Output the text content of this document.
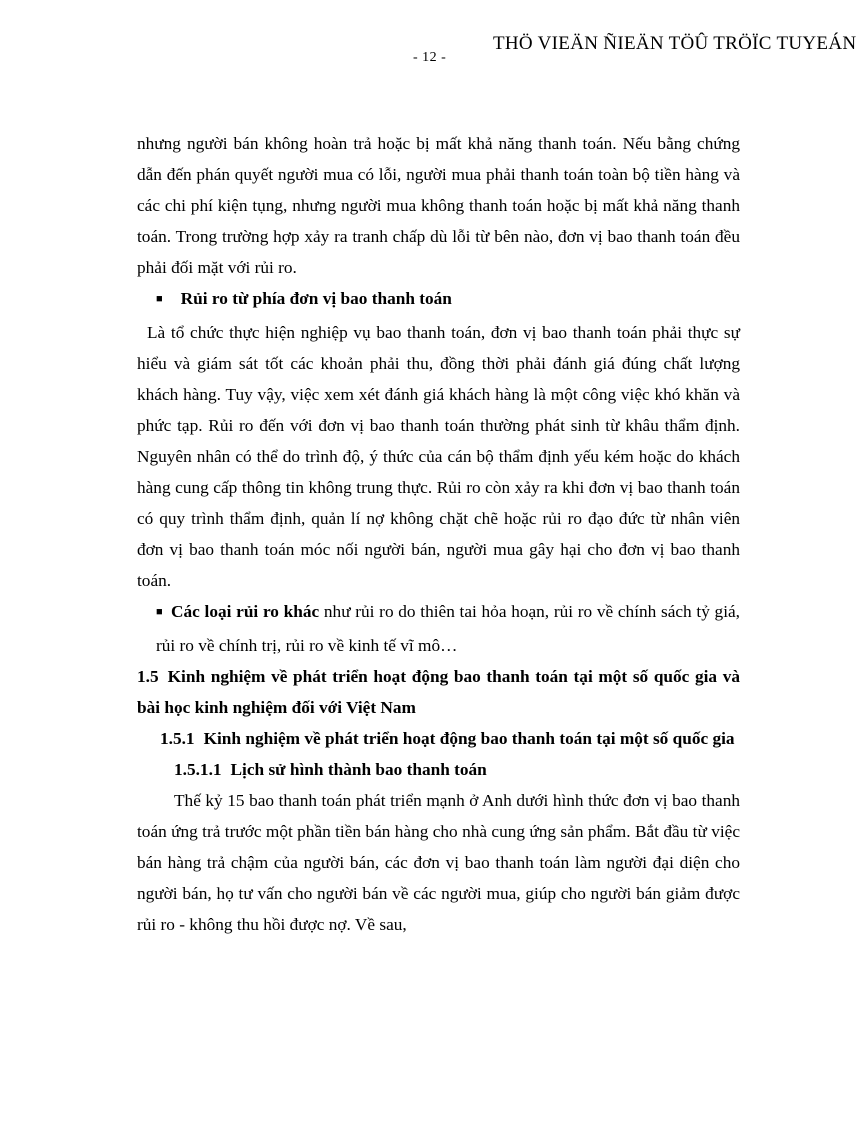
- 12 -
THÖ VIEÄN ÑIEÄN TÖÛ TRÖÏC TUYEÁN

nhưng người bán không hoàn trả hoặc bị mất khả năng thanh toán. Nếu bằng chứng dẫn đến phán quyết người mua có lỗi, người mua phải thanh toán toàn bộ tiền hàng và các chi phí kiện tụng, nhưng người mua không thanh toán hoặc bị mất khả năng thanh toán. Trong trường hợp xảy ra tranh chấp dù lỗi từ bên nào, đơn vị bao thanh toán đều phải đối mặt với rủi ro.

■ Rủi ro từ phía đơn vị bao thanh toán

Là tổ chức thực hiện nghiệp vụ bao thanh toán, đơn vị bao thanh toán phải thực sự hiểu và giám sát tốt các khoản phải thu, đồng thời phải đánh giá đúng chất lượng khách hàng. Tuy vậy, việc xem xét đánh giá khách hàng là một công việc khó khăn và phức tạp. Rủi ro đến với đơn vị bao thanh toán thường phát sinh từ khâu thẩm định. Nguyên nhân có thể do trình độ, ý thức của cán bộ thẩm định yếu kém hoặc do khách hàng cung cấp thông tin không trung thực. Rủi ro còn xảy ra khi đơn vị bao thanh toán có quy trình thẩm định, quản lí nợ không chặt chẽ hoặc rủi ro đạo đức từ nhân viên đơn vị bao thanh toán móc nối người bán, người mua gây hại cho đơn vị bao thanh toán.

■ Các loại rủi ro khác như rủi ro do thiên tai hỏa hoạn, rủi ro về chính sách tỷ giá, rủi ro về chính trị, rủi ro về kinh tế vĩ mô…
1.5 Kinh nghiệm về phát triển hoạt động bao thanh toán tại một số quốc gia và bài học kinh nghiệm đối với Việt Nam
1.5.1 Kinh nghiệm về phát triển hoạt động bao thanh toán tại một số quốc gia
1.5.1.1 Lịch sử hình thành bao thanh toán

Thế kỷ 15 bao thanh toán phát triển mạnh ở Anh dưới hình thức đơn vị bao thanh toán ứng trả trước một phần tiền bán hàng cho nhà cung ứng sản phẩm. Bắt đầu từ việc bán hàng trả chậm của người bán, các đơn vị bao thanh toán làm người đại diện cho người bán, họ tư vấn cho người bán về các người mua, giúp cho người bán giảm được rủi ro - không thu hồi được nợ. Về sau,
